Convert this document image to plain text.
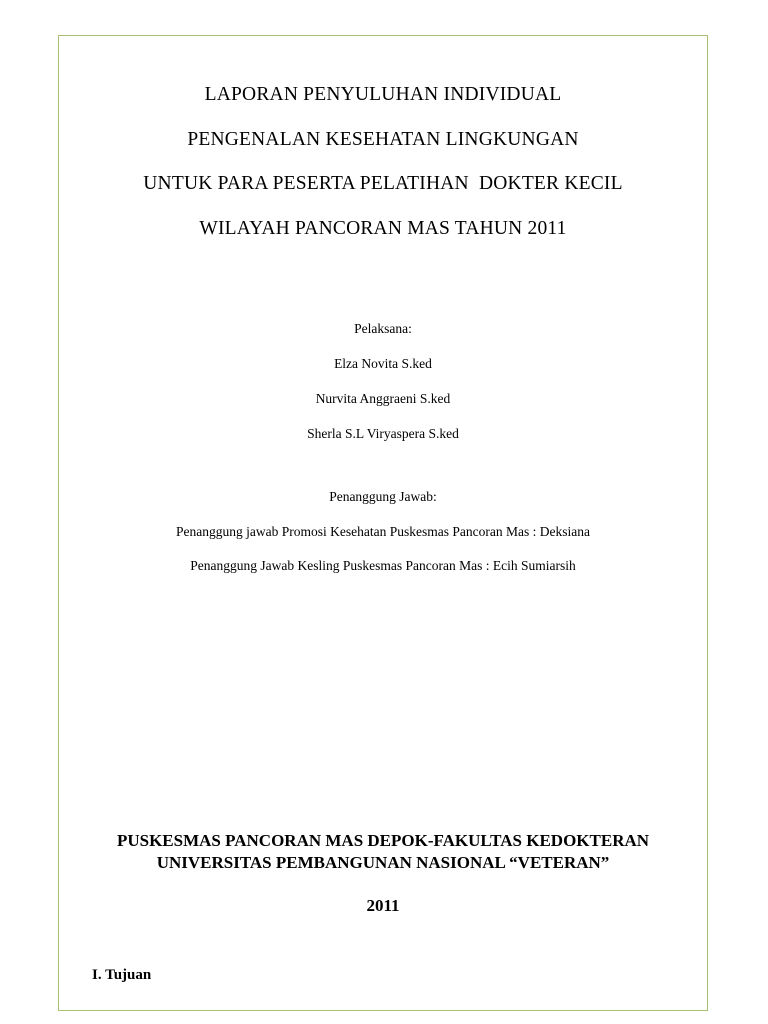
LAPORAN PENYULUHAN INDIVIDUAL
PENGENALAN KESEHATAN LINGKUNGAN
UNTUK PARA PESERTA PELATIHAN  DOKTER KECIL
WILAYAH PANCORAN MAS TAHUN 2011
Pelaksana:
Elza Novita S.ked
Nurvita Anggraeni S.ked
Sherla S.L Viryaspera S.ked
Penanggung Jawab:
Penanggung jawab Promosi Kesehatan Puskesmas Pancoran Mas : Deksiana
Penanggung Jawab Kesling Puskesmas Pancoran Mas : Ecih Sumiarsih
PUSKESMAS PANCORAN MAS DEPOK-FAKULTAS KEDOKTERAN
UNIVERSITAS PEMBANGUNAN NASIONAL “VETERAN”
2011
I. Tujuan
